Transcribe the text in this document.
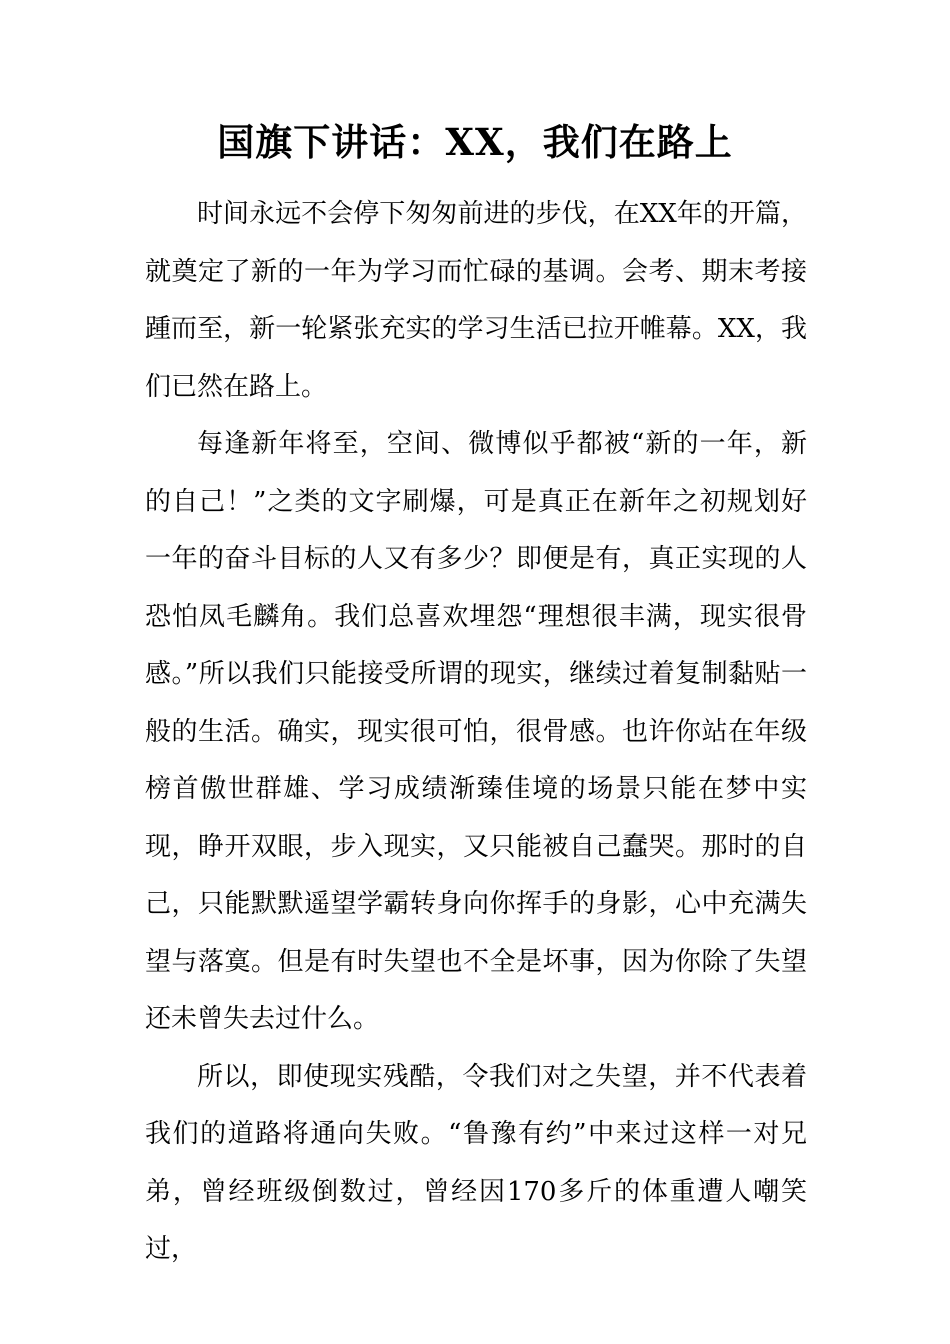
国旗下讲话：XX，我们在路上

时间永远不会停下匆匆前进的步伐，在XX年的开篇，就奠定了新的一年为学习而忙碌的基调。会考、期末考接踵而至，新一轮紧张充实的学习生活已拉开帷幕。XX，我们已然在路上。

每逢新年将至，空间、微博似乎都被“新的一年，新的自己！”之类的文字刷爆，可是真正在新年之初规划好一年的奋斗目标的人又有多少？即便是有，真正实现的人恐怕凤毛麟角。我们总喜欢埋怨“理想很丰满，现实很骨感。”所以我们只能接受所谓的现实，继续过着复制黏贴一般的生活。确实，现实很可怕，很骨感。也许你站在年级榜首傲世群雄、学习成绩渐臻佳境的场景只能在梦中实现，睁开双眼，步入现实，又只能被自己蠢哭。那时的自己，只能默默遥望学霸转身向你挥手的身影，心中充满失望与落寞。但是有时失望也不全是坏事，因为你除了失望还未曾失去过什么。

所以，即使现实残酷，令我们对之失望，并不代表着我们的道路将通向失败。“鲁豫有约”中来过这样一对兄弟，曾经班级倒数过，曾经因170多斤的体重遭人嘲笑过，
